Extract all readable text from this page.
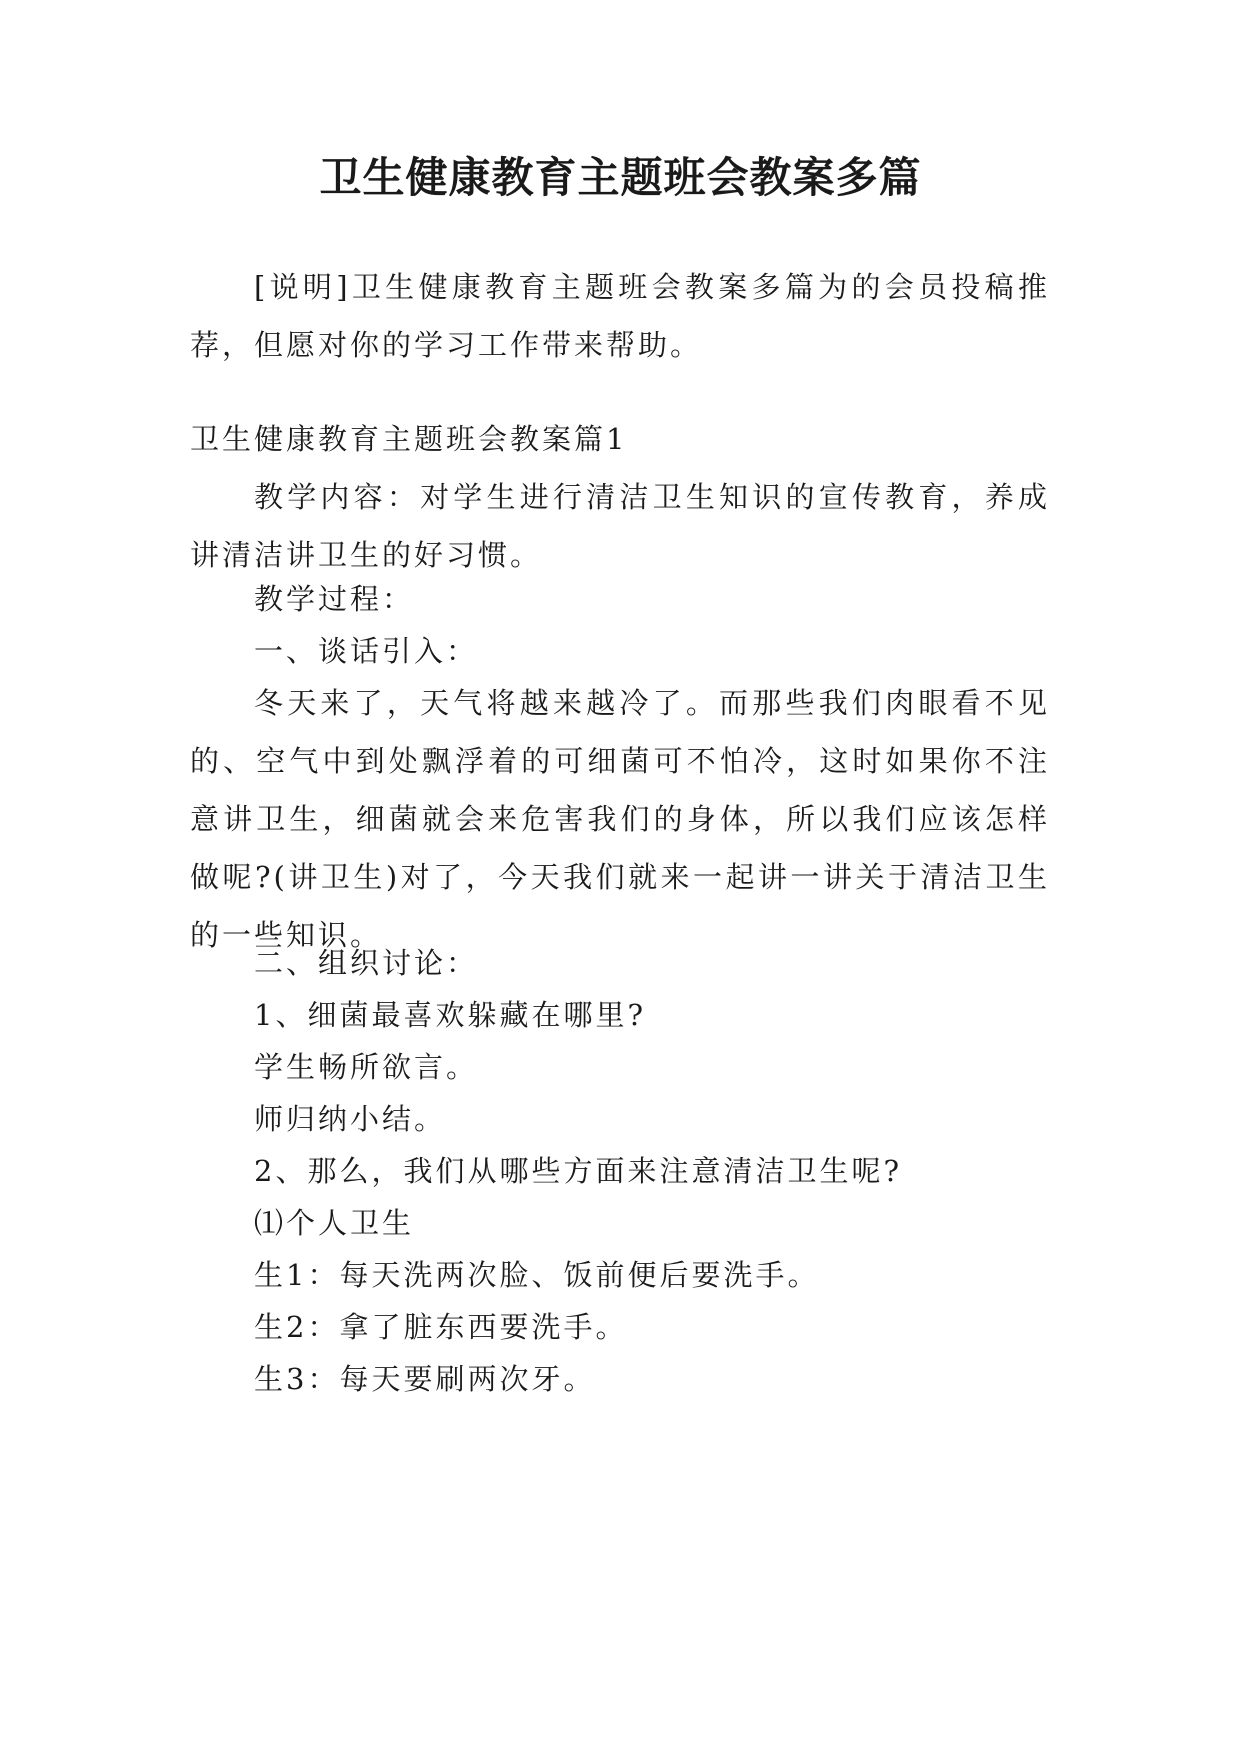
卫生健康教育主题班会教案多篇

[说明]卫生健康教育主题班会教案多篇为的会员投稿推荐，但愿对你的学习工作带来帮助。

卫生健康教育主题班会教案篇1

教学内容：对学生进行清洁卫生知识的宣传教育，养成讲清洁讲卫生的好习惯。

教学过程：

一、谈话引入：

冬天来了，天气将越来越冷了。而那些我们肉眼看不见的、空气中到处飘浮着的可细菌可不怕冷，这时如果你不注意讲卫生，细菌就会来危害我们的身体，所以我们应该怎样做呢?(讲卫生)对了，今天我们就来一起讲一讲关于清洁卫生的一些知识。

二、组织讨论：

1、细菌最喜欢躲藏在哪里?

学生畅所欲言。

师归纳小结。

2、那么，我们从哪些方面来注意清洁卫生呢?

⑴个人卫生

生1：每天洗两次脸、饭前便后要洗手。

生2：拿了脏东西要洗手。

生3：每天要刷两次牙。
